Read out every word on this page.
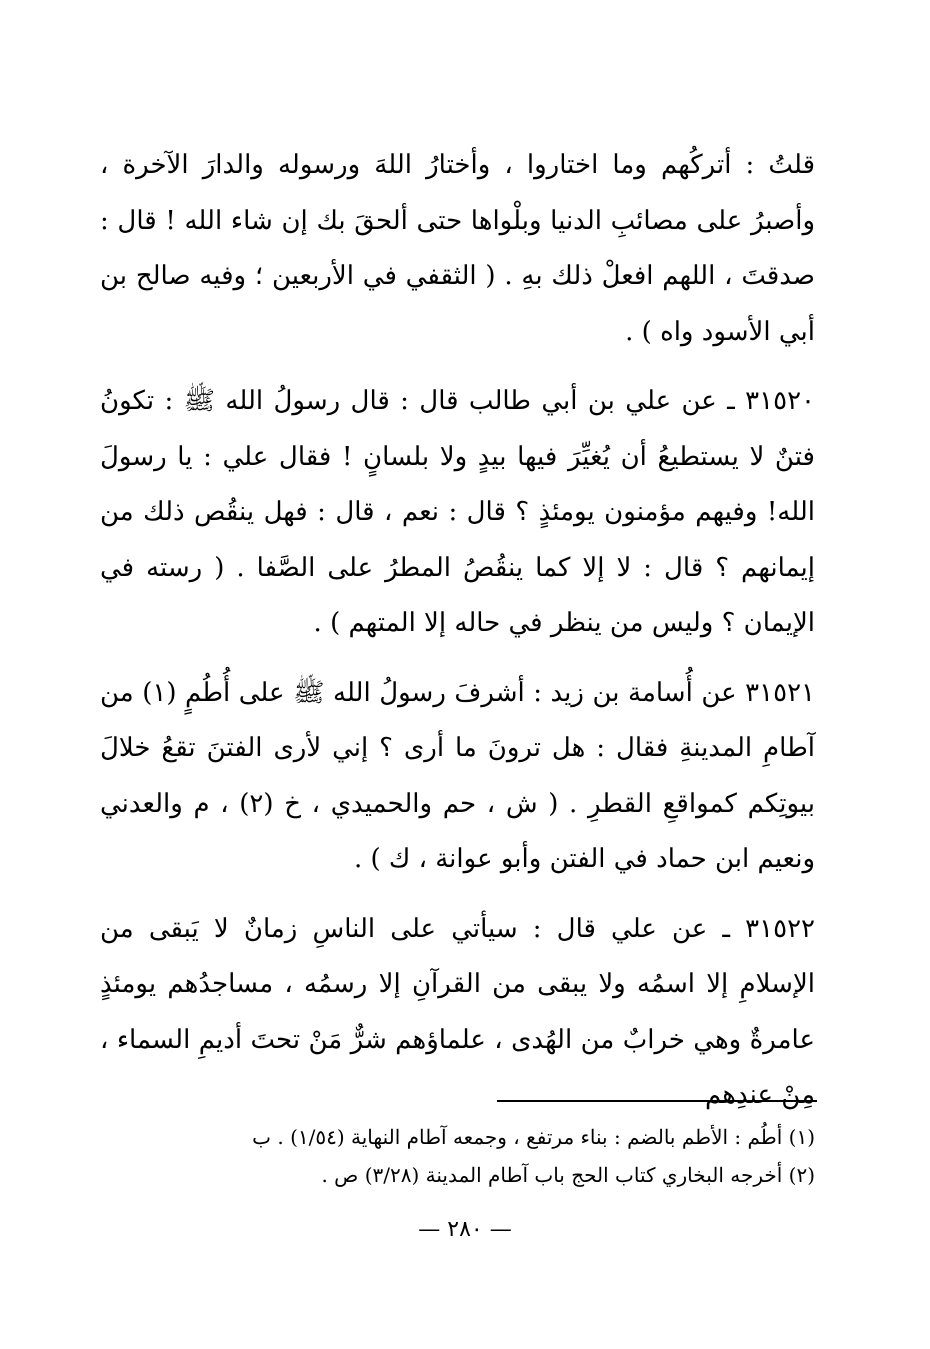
قلتُ : أتركُهم وما اختاروا ، وأختارُ اللهَ ورسوله والدارَ الآخرة ، وأصبرُ على مصائبِ الدنيا وبلْواها حتى ألحقَ بك إن شاء الله ! قال : صدقتَ ، اللهم افعلْ ذلك بهِ . ( الثقفي في الأربعين ؛ وفيه صالح بن أبي الأسود واه ) .

٣١٥٢٠ ـ عن علي بن أبي طالب قال : قال رسولُ الله ﷺ : تكونُ فتنٌ لا يستطيعُ أن يُغيِّرَ فيها بيدٍ ولا بلسانٍ ! فقال علي : يا رسولَ الله! وفيهم مؤمنون يومئذٍ ؟ قال : نعم ، قال : فهل ينقُص ذلك من إيمانهم ؟ قال : لا إلا كما ينقُصُ المطرُ على الصَّفا . ( رسته في الإيمان ؟ وليس من ينظر في حاله إلا المتهم ) .

٣١٥٢١ عن أُسامة بن زيد : أشرفَ رسولُ الله ﷺ على أُطُمٍ (١) من آطامِ المدينةِ فقال : هل ترونَ ما أرى ؟ إني لأرى الفتنَ تقعُ خلالَ بيوتِكم كمواقعِ القطرِ . ( ش ، حم والحميدي ، خ (٢) ، م والعدني ونعيم ابن حماد في الفتن وأبو عوانة ، ك ) .

٣١٥٢٢ ـ عن علي قال : سيأتي على الناسِ زمانٌ لا يَبقى من الإسلامِ إلا اسمُه ولا يبقى من القرآنِ إلا رسمُه ، مساجدُهم يومئذٍ عامرةٌ وهي خرابٌ من الهُدى ، علماؤهم شرٌّ مَنْ تحتَ أديمِ السماء ، مِنْ عندِهم

(١) أطُم : الأطم بالضم : بناء مرتفع ، وجمعه آطام النهاية (١/٥٤) . ب
(٢) أخرجه البخاري كتاب الحج باب آطام المدينة (٣/٢٨) ص .
— ٢٨٠ —
